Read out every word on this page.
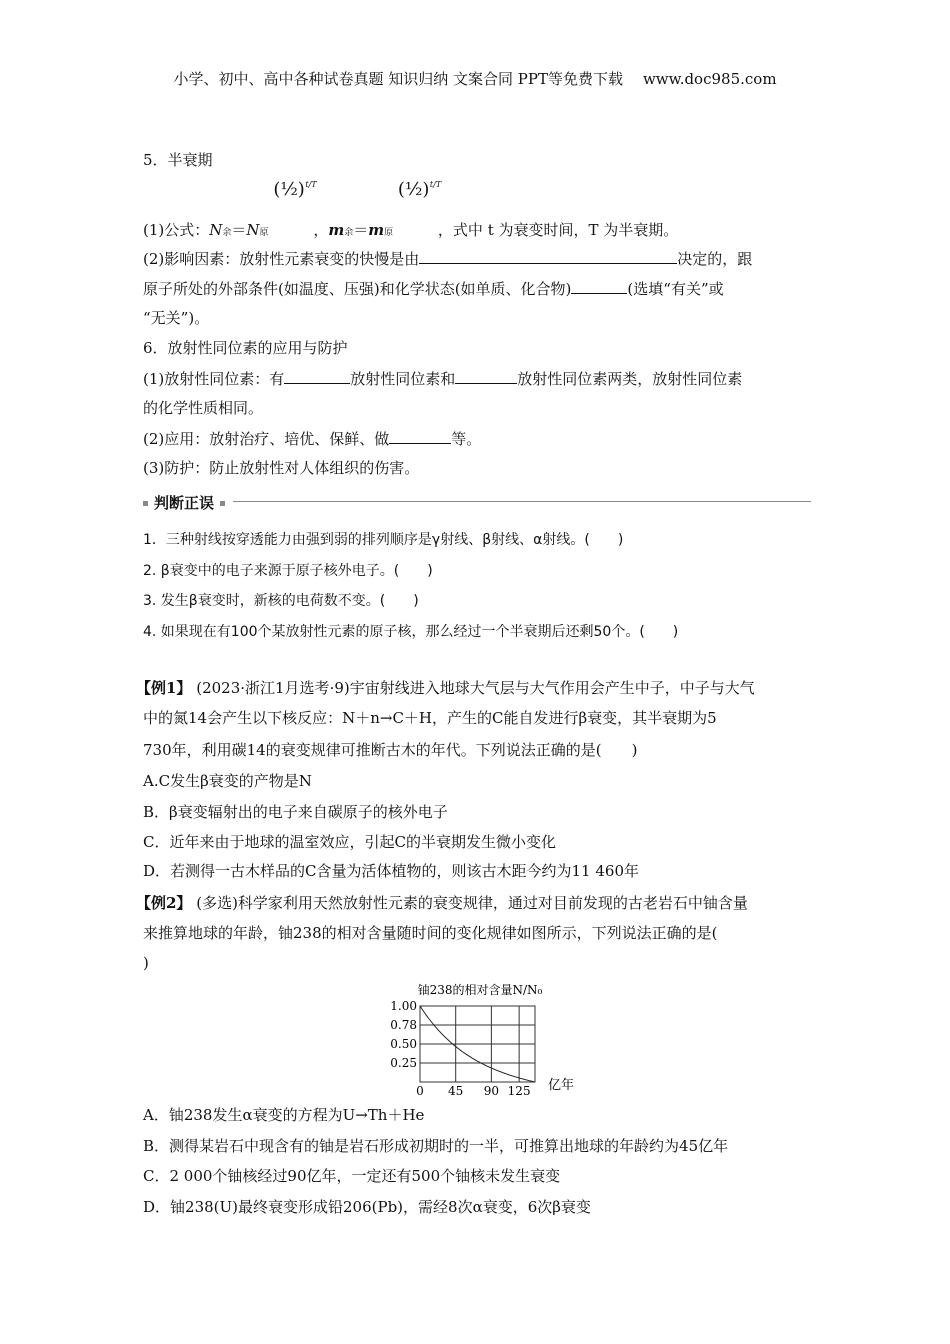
小学、初中、高中各种试卷真题 知识归纳 文案合同 PPT等免费下载 www.doc985.com
5．半衰期
(1)公式：N余＝N原
(½) t/T
，m余＝m原
(½) t/T
，式中 t 为衰变时间，T 为半衰期。
(2)影响因素：放射性元素衰变的快慢是由	决定的，跟
原子所处的外部条件(如温度、压强)和化学状态(如单质、化合物)	(选填“有关”或
“无关”)。
6．放射性同位素的应用与防护
(1)放射性同位素：有	放射性同位素和	放射性同位素两类，放射性同位素
的化学性质相同。
(2)应用：放射治疗、培优、保鲜、做	等。
(3)防护：防止放射性对人体组织的伤害。
判断正误
1．三种射线按穿透能力由强到弱的排列顺序是γ射线、β射线、α射线。(　　)
2. β衰变中的电子来源于原子核外电子。(　　)
3. 发生β衰变时，新核的电荷数不变。(　　)
4. 如果现在有100个某放射性元素的原子核，那么经过一个半衰期后还剩50个。(　　)
【例1】 (2023·浙江1月选考·9)宇宙射线进入地球大气层与大气作用会产生中子，中子与大气
中的氮14会产生以下核反应：N＋n→C＋H，产生的C能自发进行β衰变，其半衰期为5
730年，利用碳14的衰变规律可推断古木的年代。下列说法正确的是(　　)
A.C发生β衰变的产物是N
B．β衰变辐射出的电子来自碳原子的核外电子
C．近年来由于地球的温室效应，引起C的半衰期发生微小变化
D．若测得一古木样品的C含量为活体植物的，则该古木距今约为11 460年
【例2】 (多选)科学家利用天然放射性元素的衰变规律，通过对目前发现的古老岩石中铀含量
来推算地球的年龄，铀238的相对含量随时间的变化规律如图所示，下列说法正确的是(
)
铀238的相对含量N/N₀
1.00
0.78
0.50
0.25
0 45 90 125 亿年
A．铀238发生α衰变的方程为U→Th＋He
B．测得某岩石中现含有的铀是岩石形成初期时的一半，可推算出地球的年龄约为45亿年
C．2 000个铀核经过90亿年，一定还有500个铀核未发生衰变
D．铀238(U)最终衰变形成铅206(Pb)，需经8次α衰变，6次β衰变
